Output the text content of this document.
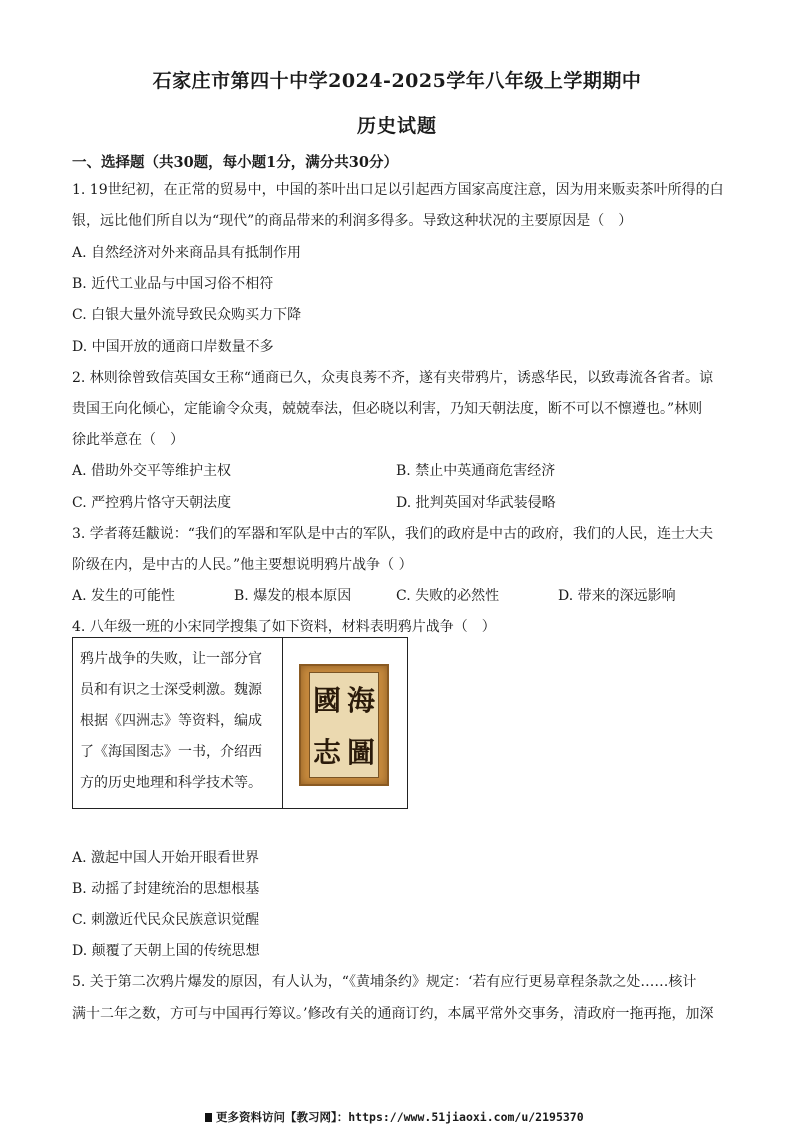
石家庄市第四十中学2024-2025学年八年级上学期期中
历史试题
一、选择题（共30题，每小题1分，满分共30分）
1. 19世纪初，在正常的贸易中，中国的茶叶出口足以引起西方国家高度注意，因为用来贩卖茶叶所得的白
银，远比他们所自以为“现代”的商品带来的利润多得多。导致这种状况的主要原因是（　）
A. 自然经济对外来商品具有抵制作用
B. 近代工业品与中国习俗不相符
C. 白银大量外流导致民众购买力下降
D. 中国开放的通商口岸数量不多
2. 林则徐曾致信英国女王称“通商已久，众夷良莠不齐，遂有夹带鸦片，诱惑华民，以致毒流各省者。谅
贵国王向化倾心，定能谕令众夷，兢兢奉法，但必晓以利害，乃知天朝法度，断不可以不懔遵也。”林则
徐此举意在（　）
A. 借助外交平等维护主权	B. 禁止中英通商危害经济
C. 严控鸦片恪守天朝法度	D. 批判英国对华武装侵略
3. 学者蒋廷黻说：“我们的军器和军队是中古的军队，我们的政府是中古的政府，我们的人民，连士大夫
阶级在内，是中古的人民。”他主要想说明鸦片战争（ ）
A. 发生的可能性	B. 爆发的根本原因	C. 失败的必然性	D. 带来的深远影响
4. 八年级一班的小宋同学搜集了如下资料，材料表明鸦片战争（　）
鸦片战争的失败，让一部分官
员和有识之士深受刺激。魏源
根据《四洲志》等资料，编成
了《海国图志》一书，介绍西
方的历史地理和科学技术等。
國 海
志 圖
A. 激起中国人开始开眼看世界
B. 动摇了封建统治的思想根基
C. 刺激近代民众民族意识觉醒
D. 颠覆了天朝上国的传统思想
5. 关于第二次鸦片爆发的原因，有人认为，“《黄埔条约》规定：‘若有应行更易章程条款之处……核计
满十二年之数，方可与中国再行筹议。’修改有关的通商订约，本属平常外交事务，清政府一拖再拖，加深
更多资料访问【教习网】：https://www.51jiaoxi.com/u/2195370
